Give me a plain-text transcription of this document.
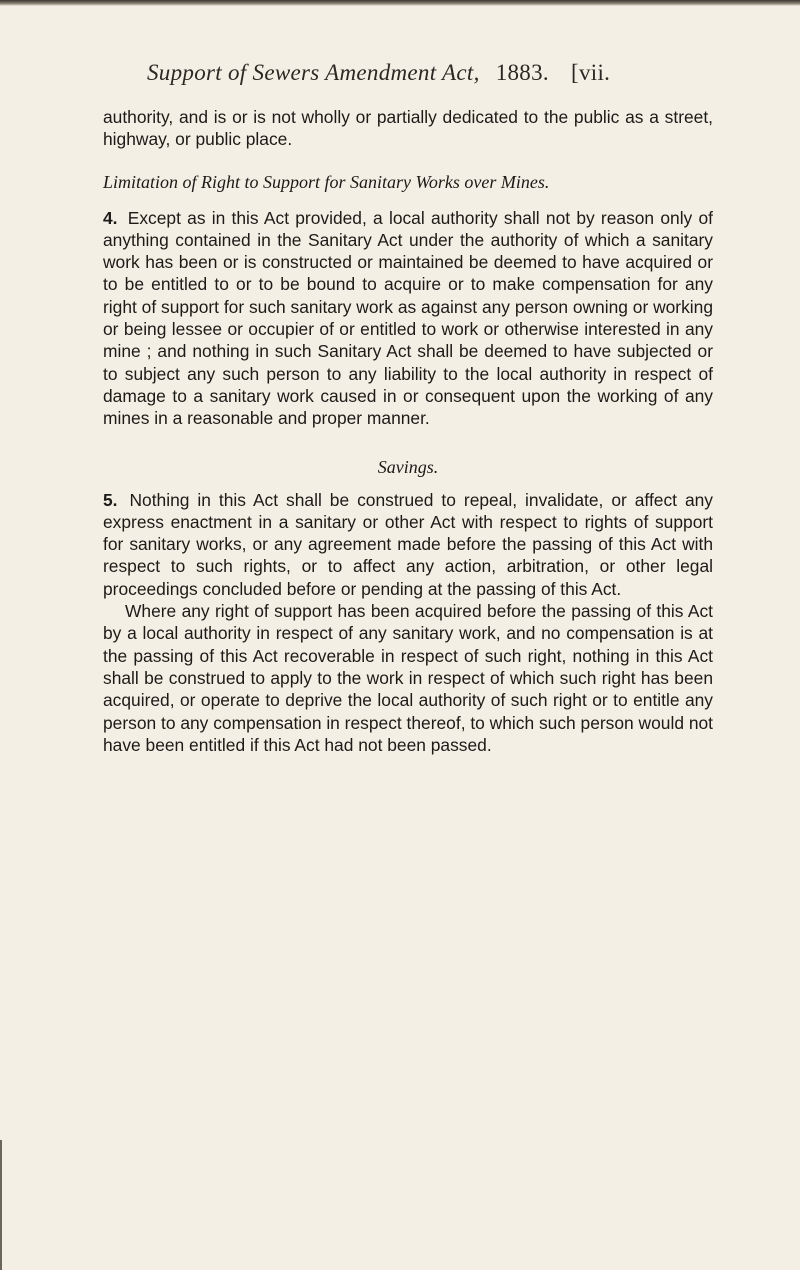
Support of Sewers Amendment Act, 1883. [vii.

authority, and is or is not wholly or partially dedicated to the public as a street, highway, or public place.

Limitation of Right to Support for Sanitary Works over Mines.

4. Except as in this Act provided, a local authority shall not by reason only of anything contained in the Sanitary Act under the authority of which a sanitary work has been or is constructed or maintained be deemed to have acquired or to be entitled to or to be bound to acquire or to make compensation for any right of support for such sanitary work as against any person owning or working or being lessee or occupier of or entitled to work or otherwise interested in any mine ; and nothing in such Sanitary Act shall be deemed to have subjected or to subject any such person to any liability to the local authority in respect of damage to a sanitary work caused in or consequent upon the working of any mines in a reasonable and proper manner.

Savings.

5. Nothing in this Act shall be construed to repeal, invalidate, or affect any express enactment in a sanitary or other Act with respect to rights of support for sanitary works, or any agreement made before the passing of this Act with respect to such rights, or to affect any action, arbitration, or other legal proceedings concluded before or pending at the passing of this Act.

Where any right of support has been acquired before the passing of this Act by a local authority in respect of any sanitary work, and no compensation is at the passing of this Act recoverable in respect of such right, nothing in this Act shall be construed to apply to the work in respect of which such right has been acquired, or operate to deprive the local authority of such right or to entitle any person to any compensation in respect thereof, to which such person would not have been entitled if this Act had not been passed.
